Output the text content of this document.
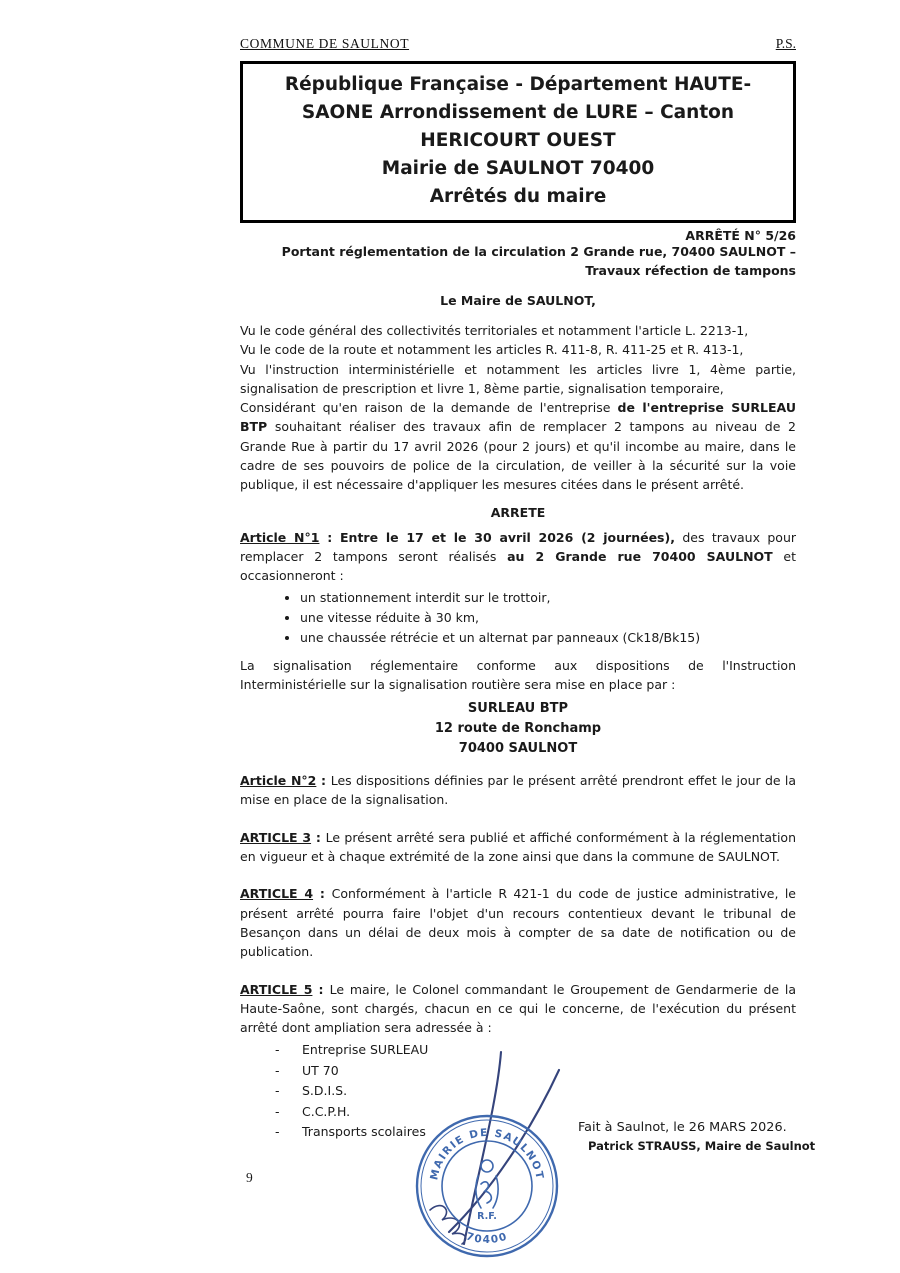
COMMUNE DE SAULNOT	P.S.
République Française - Département HAUTE-
SAONE Arrondissement de LURE – Canton
HERICOURT OUEST
Mairie de SAULNOT 70400
Arrêtés du maire
ARRÊTÉ N° 5/26
Portant réglementation de la circulation 2 Grande rue, 70400 SAULNOT –
Travaux réfection de tampons
Le Maire de SAULNOT,

Vu le code général des collectivités territoriales et notamment l'article L. 2213-1,

Vu le code de la route et notamment les articles R. 411-8, R. 411-25 et R. 413-1,

Vu l'instruction interministérielle et notamment les articles livre 1, 4ème partie, signalisation de prescription et livre 1, 8ème partie, signalisation temporaire,

Considérant qu'en raison de la demande de l'entreprise de l'entreprise SURLEAU BTP souhaitant réaliser des travaux afin de remplacer 2 tampons au niveau de 2 Grande Rue à partir du 17 avril 2026 (pour 2 jours) et qu'il incombe au maire, dans le cadre de ses pouvoirs de police de la circulation, de veiller à la sécurité sur la voie publique, il est nécessaire d'appliquer les mesures citées dans le présent arrêté.

ARRETE

Article N°1 : Entre le 17 et le 30 avril 2026 (2 journées), des travaux pour remplacer 2 tampons seront réalisés au 2 Grande rue 70400 SAULNOT et occasionneront :

• un stationnement interdit sur le trottoir,
• une vitesse réduite à 30 km,
• une chaussée rétrécie et un alternat par panneaux (Ck18/Bk15)

La signalisation réglementaire conforme aux dispositions de l'Instruction Interministérielle sur la signalisation routière sera mise en place par :

SURLEAU BTP
12 route de Ronchamp
70400 SAULNOT

Article N°2 : Les dispositions définies par le présent arrêté prendront effet le jour de la mise en place de la signalisation.

ARTICLE 3 : Le présent arrêté sera publié et affiché conformément à la réglementation en vigueur et à chaque extrémité de la zone ainsi que dans la commune de SAULNOT.

ARTICLE 4 : Conformément à l'article R 421-1 du code de justice administrative, le présent arrêté pourra faire l'objet d'un recours contentieux devant le tribunal de Besançon dans un délai de deux mois à compter de sa date de notification ou de publication.

ARTICLE 5 : Le maire, le Colonel commandant le Groupement de Gendarmerie de la Haute-Saône, sont chargés, chacun en ce qui le concerne, de l'exécution du présent arrêté dont ampliation sera adressée à :

- Entreprise SURLEAU
- UT 70
- S.D.I.S.
- C.C.P.H.
- Transports scolaires	Fait à Saulnot, le 26 MARS 2026.
Patrick STRAUSS, Maire de Saulnot
9	MAIRIE DE SAULNOT
70400
R.F.
